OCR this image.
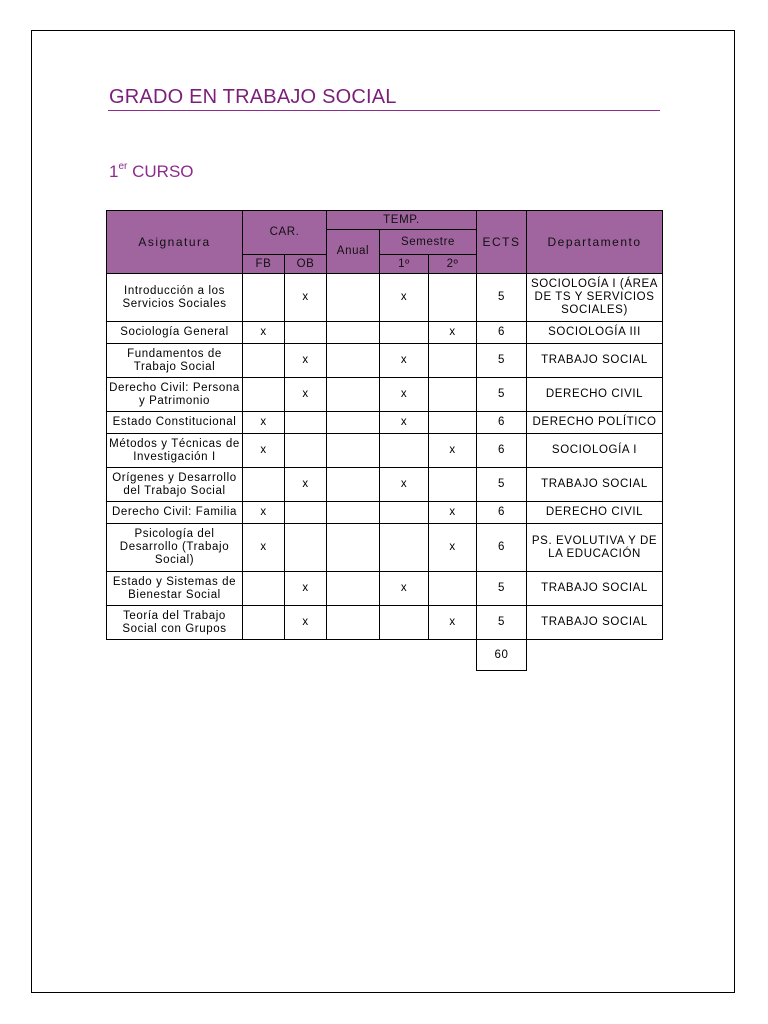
GRADO EN TRABAJO SOCIAL
1er CURSO
Asignatura	CAR.		TEMP.			ECTS	Departamento
			Anual	Semestre			
	FB	OB		1º	2º		
Introducción a los Servicios Sociales		x		x		5	SOCIOLOGÍA I (ÁREA DE TS Y SERVICIOS SOCIALES)
Sociología General	x				x	6	SOCIOLOGÍA III
Fundamentos de Trabajo Social		x		x		5	TRABAJO SOCIAL
Derecho Civil: Persona y Patrimonio		x		x		5	DERECHO CIVIL
Estado Constitucional	x			x		6	DERECHO POLÍTICO
Métodos y Técnicas de Investigación I	x				x	6	SOCIOLOGÍA I
Orígenes y Desarrollo del Trabajo Social		x		x		5	TRABAJO SOCIAL
Derecho Civil: Familia	x				x	6	DERECHO CIVIL
Psicología del Desarrollo (Trabajo Social)	x				x	6	PS. EVOLUTIVA Y DE LA EDUCACIÓN
Estado y Sistemas de Bienestar Social		x		x		5	TRABAJO SOCIAL
Teoría del Trabajo Social con Grupos		x			x	5	TRABAJO SOCIAL
						60	
